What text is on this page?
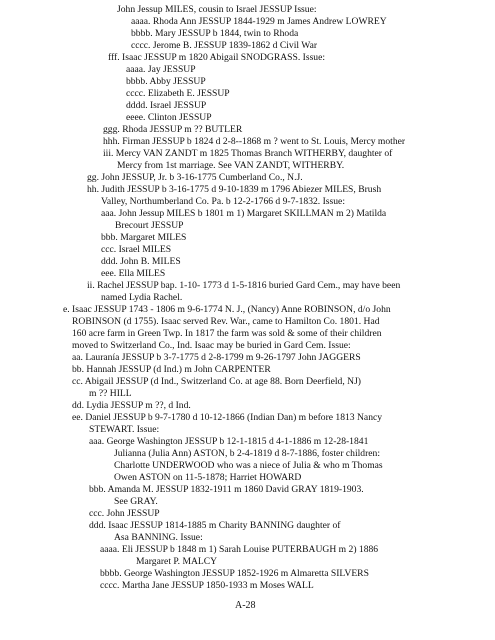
John Jessup MILES, cousin to Israel JESSUP Issue:
aaaa. Rhoda Ann JESSUP 1844-1929 m James Andrew LOWREY
bbbb. Mary JESSUP b 1844, twin to Rhoda
cccc. Jerome B. JESSUP 1839-1862 d Civil War
fff. Isaac JESSUP m 1820 Abigail SNODGRASS. Issue:
aaaa. Jay JESSUP
bbbb. Abby JESSUP
cccc. Elizabeth E. JESSUP
dddd. Israel JESSUP
eeee. Clinton JESSUP
ggg. Rhoda JESSUP m ?? BUTLER
hhh. Firman JESSUP b 1824 d 2-8--1868 m ? went to St. Louis, Mercy mother
iii. Mercy VAN ZANDT m 1825 Thomas Branch WITHERBY, daughter of
Mercy from 1st marriage. See VAN ZANDT, WITHERBY.
gg. John JESSUP, Jr. b 3-16-1775 Cumberland Co., N.J.
hh. Judith JESSUP b 3-16-1775 d 9-10-1839 m 1796 Abiezer MILES, Brush
Valley, Northumberland Co. Pa. b 12-2-1766 d 9-7-1832. Issue:
aaa. John Jessup MILES b 1801 m 1) Margaret SKILLMAN m 2) Matilda
Brecourt JESSUP
bbb. Margaret MILES
ccc. Israel MILES
ddd. John B. MILES
eee. Ella MILES
ii. Rachel JESSUP bap. 1-10- 1773 d 1-5-1816 buried Gard Cem., may have been
named Lydia Rachel.
e. Isaac JESSUP 1743 - 1806 m 9-6-1774 N. J., (Nancy) Anne ROBINSON, d/o John
ROBINSON (d 1755). Isaac served Rev. War., came to Hamilton Co. 1801. Had
160 acre farm in Green Twp. In 1817 the farm was sold & some of their children
moved to Switzerland Co., Ind. Isaac may be buried in Gard Cem. Issue:
aa. Lauranía JESSUP b 3-7-1775 d 2-8-1799 m 9-26-1797 John JAGGERS
bb. Hannah JESSUP (d Ind.) m John CARPENTER
cc. Abigail JESSUP (d Ind., Switzerland Co. at age 88. Born Deerfield, NJ)
m ?? HILL
dd. Lydia JESSUP m ??, d Ind.
ee. Daniel JESSUP b 9-7-1780 d 10-12-1866 (Indian Dan) m before 1813 Nancy
STEWART. Issue:
aaa. George Washington JESSUP b 12-1-1815 d 4-1-1886 m 12-28-1841
Julianna (Julia Ann) ASTON, b 2-4-1819 d 8-7-1886, foster children:
Charlotte UNDERWOOD who was a niece of Julia & who m Thomas
Owen ASTON on 11-5-1878; Harriet HOWARD
bbb. Amanda M. JESSUP 1832-1911 m 1860 David GRAY 1819-1903.
See GRAY.
ccc. John JESSUP
ddd. Isaac JESSUP 1814-1885 m Charity BANNING daughter of
Asa BANNING. Issue:
aaaa. Eli JESSUP b 1848 m 1) Sarah Louise PUTERBAUGH m 2) 1886
Margaret P. MALCY
bbbb. George Washington JESSUP 1852-1926 m Almaretta SILVERS
cccc. Martha Jane JESSUP 1850-1933 m Moses WALL
A-28
